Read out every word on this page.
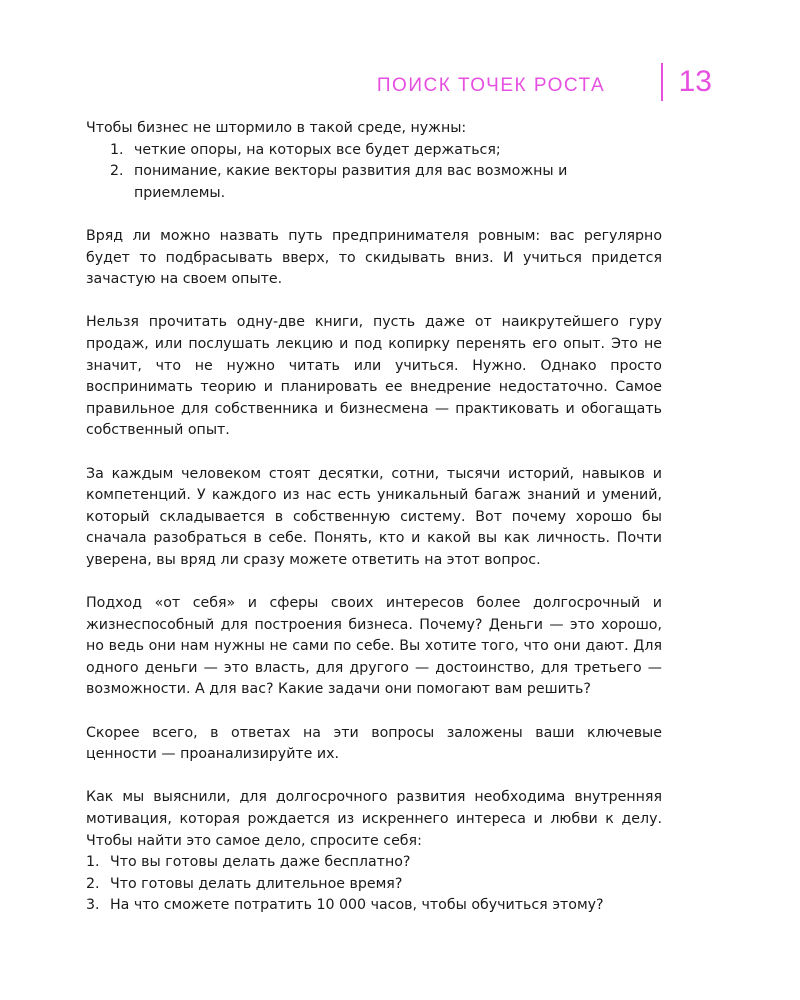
ПОИСК ТОЧЕК РОСТА 13

Чтобы бизнес не штормило в такой среде, нужны:

1. четкие опоры, на которых все будет держаться;
2. понимание, какие векторы развития для вас возможны и приемлемы.

Вряд ли можно назвать путь предпринимателя ровным: вас регулярно будет то подбрасывать вверх, то скидывать вниз. И учиться придется зачастую на своем опыте.

Нельзя прочитать одну-две книги, пусть даже от наикрутейшего гуру продаж, или послушать лекцию и под копирку перенять его опыт. Это не значит, что не нужно читать или учиться. Нужно. Однако просто воспринимать теорию и планировать ее внедрение недостаточно. Самое правильное для собственника и бизнесмена — практиковать и обогащать собственный опыт.

За каждым человеком стоят десятки, сотни, тысячи историй, навыков и компетенций. У каждого из нас есть уникальный багаж знаний и умений, который складывается в собственную систему. Вот почему хорошо бы сначала разобраться в себе. Понять, кто и какой вы как личность. Почти уверена, вы вряд ли сразу можете ответить на этот вопрос.

Подход «от себя» и сферы своих интересов более долгосрочный и жизнеспособный для построения бизнеса. Почему? Деньги — это хорошо, но ведь они нам нужны не сами по себе. Вы хотите того, что они дают. Для одного деньги — это власть, для другого — достоинство, для третьего — возможности. А для вас? Какие задачи они помогают вам решить?

Скорее всего, в ответах на эти вопросы заложены ваши ключевые ценности — проанализируйте их.

Как мы выяснили, для долгосрочного развития необходима внутренняя мотивация, которая рождается из искреннего интереса и любви к делу. Чтобы найти это самое дело, спросите себя:

1. Что вы готовы делать даже бесплатно?
2. Что готовы делать длительное время?
3. На что сможете потратить 10 000 часов, чтобы обучиться этому?
